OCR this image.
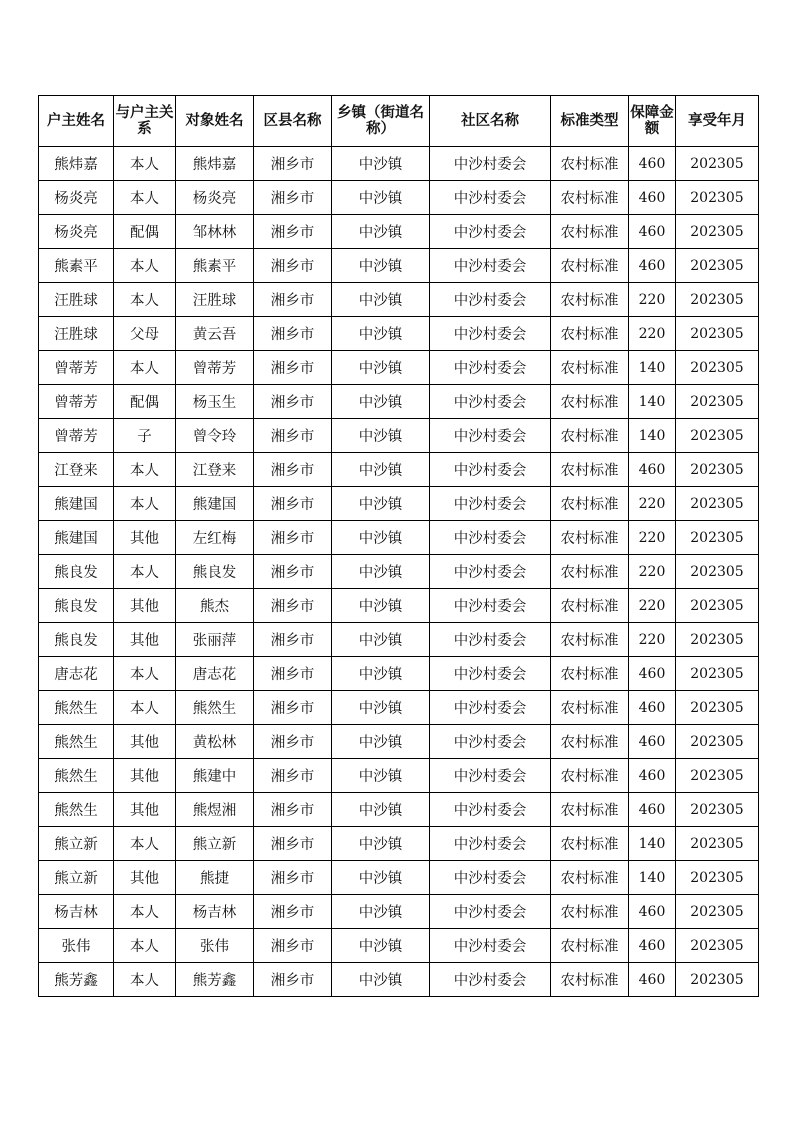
户主姓名	与户主关系	对象姓名	区县名称	乡镇（街道名称）	社区名称	标准类型	保障金额	享受年月
熊炜嘉	本人	熊炜嘉	湘乡市	中沙镇	中沙村委会	农村标准	460	202305
杨炎亮	本人	杨炎亮	湘乡市	中沙镇	中沙村委会	农村标准	460	202305
杨炎亮	配偶	邹林林	湘乡市	中沙镇	中沙村委会	农村标准	460	202305
熊素平	本人	熊素平	湘乡市	中沙镇	中沙村委会	农村标准	460	202305
汪胜球	本人	汪胜球	湘乡市	中沙镇	中沙村委会	农村标准	220	202305
汪胜球	父母	黄云吾	湘乡市	中沙镇	中沙村委会	农村标准	220	202305
曾蒂芳	本人	曾蒂芳	湘乡市	中沙镇	中沙村委会	农村标准	140	202305
曾蒂芳	配偶	杨玉生	湘乡市	中沙镇	中沙村委会	农村标准	140	202305
曾蒂芳	子	曾令玲	湘乡市	中沙镇	中沙村委会	农村标准	140	202305
江登来	本人	江登来	湘乡市	中沙镇	中沙村委会	农村标准	460	202305
熊建国	本人	熊建国	湘乡市	中沙镇	中沙村委会	农村标准	220	202305
熊建国	其他	左红梅	湘乡市	中沙镇	中沙村委会	农村标准	220	202305
熊良发	本人	熊良发	湘乡市	中沙镇	中沙村委会	农村标准	220	202305
熊良发	其他	熊杰	湘乡市	中沙镇	中沙村委会	农村标准	220	202305
熊良发	其他	张丽萍	湘乡市	中沙镇	中沙村委会	农村标准	220	202305
唐志花	本人	唐志花	湘乡市	中沙镇	中沙村委会	农村标准	460	202305
熊然生	本人	熊然生	湘乡市	中沙镇	中沙村委会	农村标准	460	202305
熊然生	其他	黄松林	湘乡市	中沙镇	中沙村委会	农村标准	460	202305
熊然生	其他	熊建中	湘乡市	中沙镇	中沙村委会	农村标准	460	202305
熊然生	其他	熊煜湘	湘乡市	中沙镇	中沙村委会	农村标准	460	202305
熊立新	本人	熊立新	湘乡市	中沙镇	中沙村委会	农村标准	140	202305
熊立新	其他	熊捷	湘乡市	中沙镇	中沙村委会	农村标准	140	202305
杨吉林	本人	杨吉林	湘乡市	中沙镇	中沙村委会	农村标准	460	202305
张伟	本人	张伟	湘乡市	中沙镇	中沙村委会	农村标准	460	202305
熊芳鑫	本人	熊芳鑫	湘乡市	中沙镇	中沙村委会	农村标准	460	202305
